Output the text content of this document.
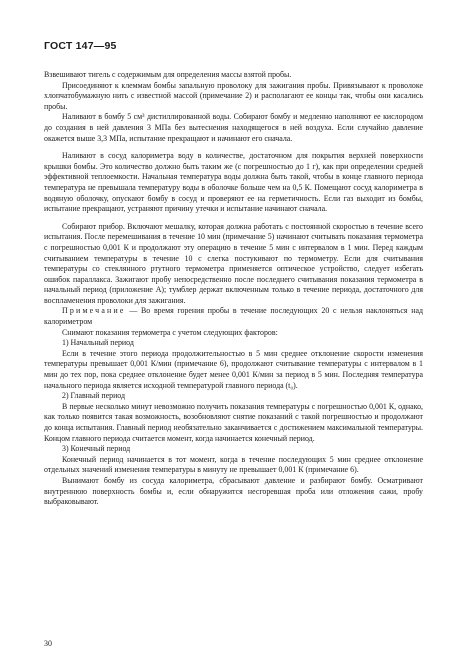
ГОСТ 147—95

Взвешивают тигель с содержимым для определения массы взятой пробы.

Присоединяют к клеммам бомбы запальную проволоку для зажигания пробы. Привязывают к проволоке хлопчатобумажную нить с известной массой (примечание 2) и располагают ее концы так, чтобы они касались пробы.

Наливают в бомбу 5 см³ дистиллированной воды. Собирают бомбу и медленно наполняют ее кислородом до создания в ней давления 3 МПа без вытеснения находящегося в ней воздуха. Если случайно давление окажется выше 3,3 МПа, испытание прекращают и начинают его сначала.

Наливают в сосуд калориметра воду в количестве, достаточном для покрытия верхней поверхности крышки бомбы. Это количество должно быть таким же (с погрешностью до 1 г), как при определении средней эффективной теплоемкости. Начальная температура воды должна быть такой, чтобы в конце главного периода температура не превышала температуру воды в оболочке больше чем на 0,5 К. Помещают сосуд калориметра в водяную оболочку, опускают бомбу в сосуд и проверяют ее на герметичность. Если газ выходит из бомбы, испытание прекращают, устраняют причину утечки и испытание начинают сначала.

Собирают прибор. Включают мешалку, которая должна работать с постоянной скоростью в течение всего испытания. После перемешивания в течение 10 мин (примечание 5) начинают считывать показания термометра с погрешностью 0,001 К и продолжают эту операцию в течение 5 мин с интервалом в 1 мин. Перед каждым считыванием температуры в течение 10 с слегка постукивают по термометру. Если для считывания температуры со стеклянного ртутного термометра применяется оптическое устройство, следует избегать ошибок параллакса. Зажигают пробу непосредственно после последнего считывания показания термометра в начальный период (приложение А); тумблер держат включенным только в течение периода, достаточного для воспламенения проволоки для зажигания.

Примечание — Во время горения пробы в течение последующих 20 с нельзя наклоняться над калориметром

Снимают показания термометра с учетом следующих факторов:

1) Начальный период

Если в течение этого периода продолжительностью в 5 мин среднее отклонение скорости изменения температуры превышает 0,001 К/мин (примечание 6), продолжают считывание температуры с интервалом в 1 мин до тех пор, пока среднее отклонение будет менее 0,001 К/мин за период в 5 мин. Последняя температура начального периода является исходной температурой главного периода (t₀).

2) Главный период

В первые несколько минут невозможно получить показания температуры с погрешностью 0,001 К, однако, как только появится такая возможность, возобновляют снятие показаний с такой погрешностью и продолжают до конца испытания. Главный период необязательно заканчивается с достижением максимальной температуры. Концом главного периода считается момент, когда начинается конечный период.

3) Конечный период

Конечный период начинается в тот момент, когда в течение последующих 5 мин среднее отклонение отдельных значений изменения температуры в минуту не превышает 0,001 К (примечание 6).

Вынимают бомбу из сосуда калориметра, сбрасывают давление и разбирают бомбу. Осматривают внутреннюю поверхность бомбы и, если обнаружится несгоревшая проба или отложения сажи, пробу выбраковывают.

30
